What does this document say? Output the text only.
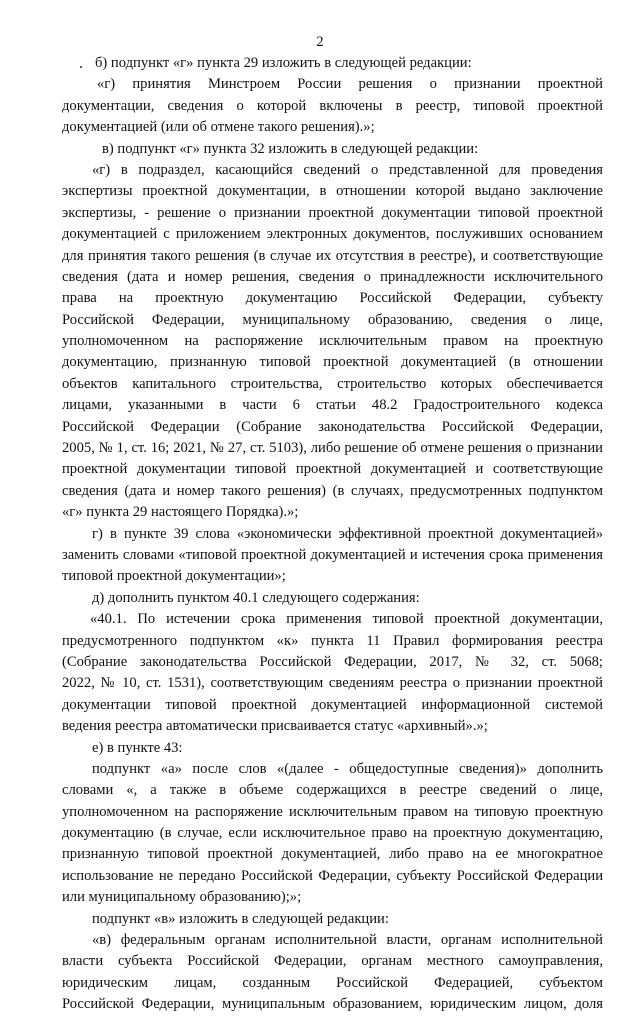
2
. б) подпункт «г» пункта 29 изложить в следующей редакции:
«г) принятия Минстроем России решения о признании проектной
документации, сведения о которой включены в реестр, типовой проектной
документацией (или об отмене такого решения).»;
в) подпункт «г» пункта 32 изложить в следующей редакции:
«г) в подраздел, касающийся сведений о представленной для проведения
экспертизы проектной документации, в отношении которой выдано заключение
экспертизы, - решение о признании проектной документации типовой проектной
документацией с приложением электронных документов, послуживших основанием
для принятия такого решения (в случае их отсутствия в реестре), и соответствующие
сведения (дата и номер решения, сведения о принадлежности исключительного
права на проектную документацию Российской Федерации, субъекту
Российской Федерации, муниципальному образованию, сведения о лице,
уполномоченном на распоряжение исключительным правом на проектную
документацию, признанную типовой проектной документацией (в отношении
объектов капитального строительства, строительство которых обеспечивается
лицами, указанными в части 6 статьи 48.2 Градостроительного кодекса
Российской Федерации (Собрание законодательства Российской Федерации,
2005, № 1, ст. 16; 2021, № 27, ст. 5103), либо решение об отмене решения о признании
проектной документации типовой проектной документацией и соответствующие
сведения (дата и номер такого решения) (в случаях, предусмотренных подпунктом
«г» пункта 29 настоящего Порядка).»;
г) в пункте 39 слова «экономически эффективной проектной документацией»
заменить словами «типовой проектной документацией и истечения срока применения
типовой проектной документации»;
д) дополнить пунктом 40.1 следующего содержания:
«40.1. По истечении срока применения типовой проектной документации,
предусмотренного подпунктом «к» пункта 11 Правил формирования реестра
(Собрание законодательства Российской Федерации, 2017, № 32, ст. 5068;
2022, № 10, ст. 1531), соответствующим сведениям реестра о признании проектной
документации типовой проектной документацией информационной системой
ведения реестра автоматически присваивается статус «архивный».»;
е) в пункте 43:
подпункт «а» после слов «(далее - общедоступные сведения)» дополнить
словами «, а также в объеме содержащихся в реестре сведений о лице,
уполномоченном на распоряжение исключительным правом на типовую проектную
документацию (в случае, если исключительное право на проектную документацию,
признанную типовой проектной документацией, либо право на ее многократное
использование не передано Российской Федерации, субъекту Российской Федерации
или муниципальному образованию);»;
подпункт «в» изложить в следующей редакции:
«в) федеральным органам исполнительной власти, органам исполнительной
власти субъекта Российской Федерации, органам местного самоуправления,
юридическим лицам, созданным Российской Федерацией, субъектом
Российской Федерации, муниципальным образованием, юридическим лицом, доля
